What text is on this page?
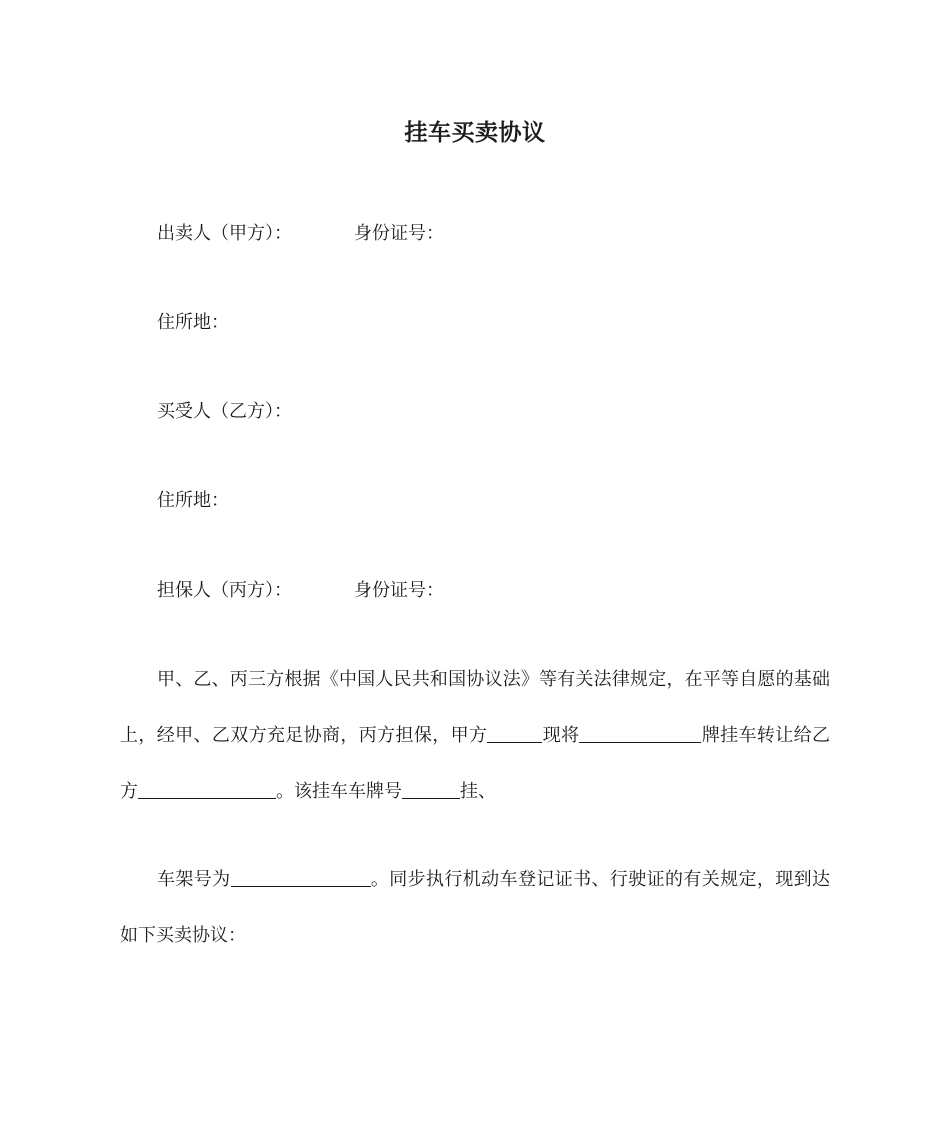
挂车买卖协议
出卖人（甲方）：	身份证号：
住所地：
买受人（乙方）：
住所地：
担保人（丙方）：	身份证号：
甲、乙、丙三方根据《中国人民共和国协议法》等有关法律规定，在平等自愿的基础上，经甲、乙双方充足协商，丙方担保，甲方	现将	牌挂车转让给乙方	。该挂车车牌号	挂、
车架号为	。同步执行机动车登记证书、行驶证的有关规定，现到达如下买卖协议：
